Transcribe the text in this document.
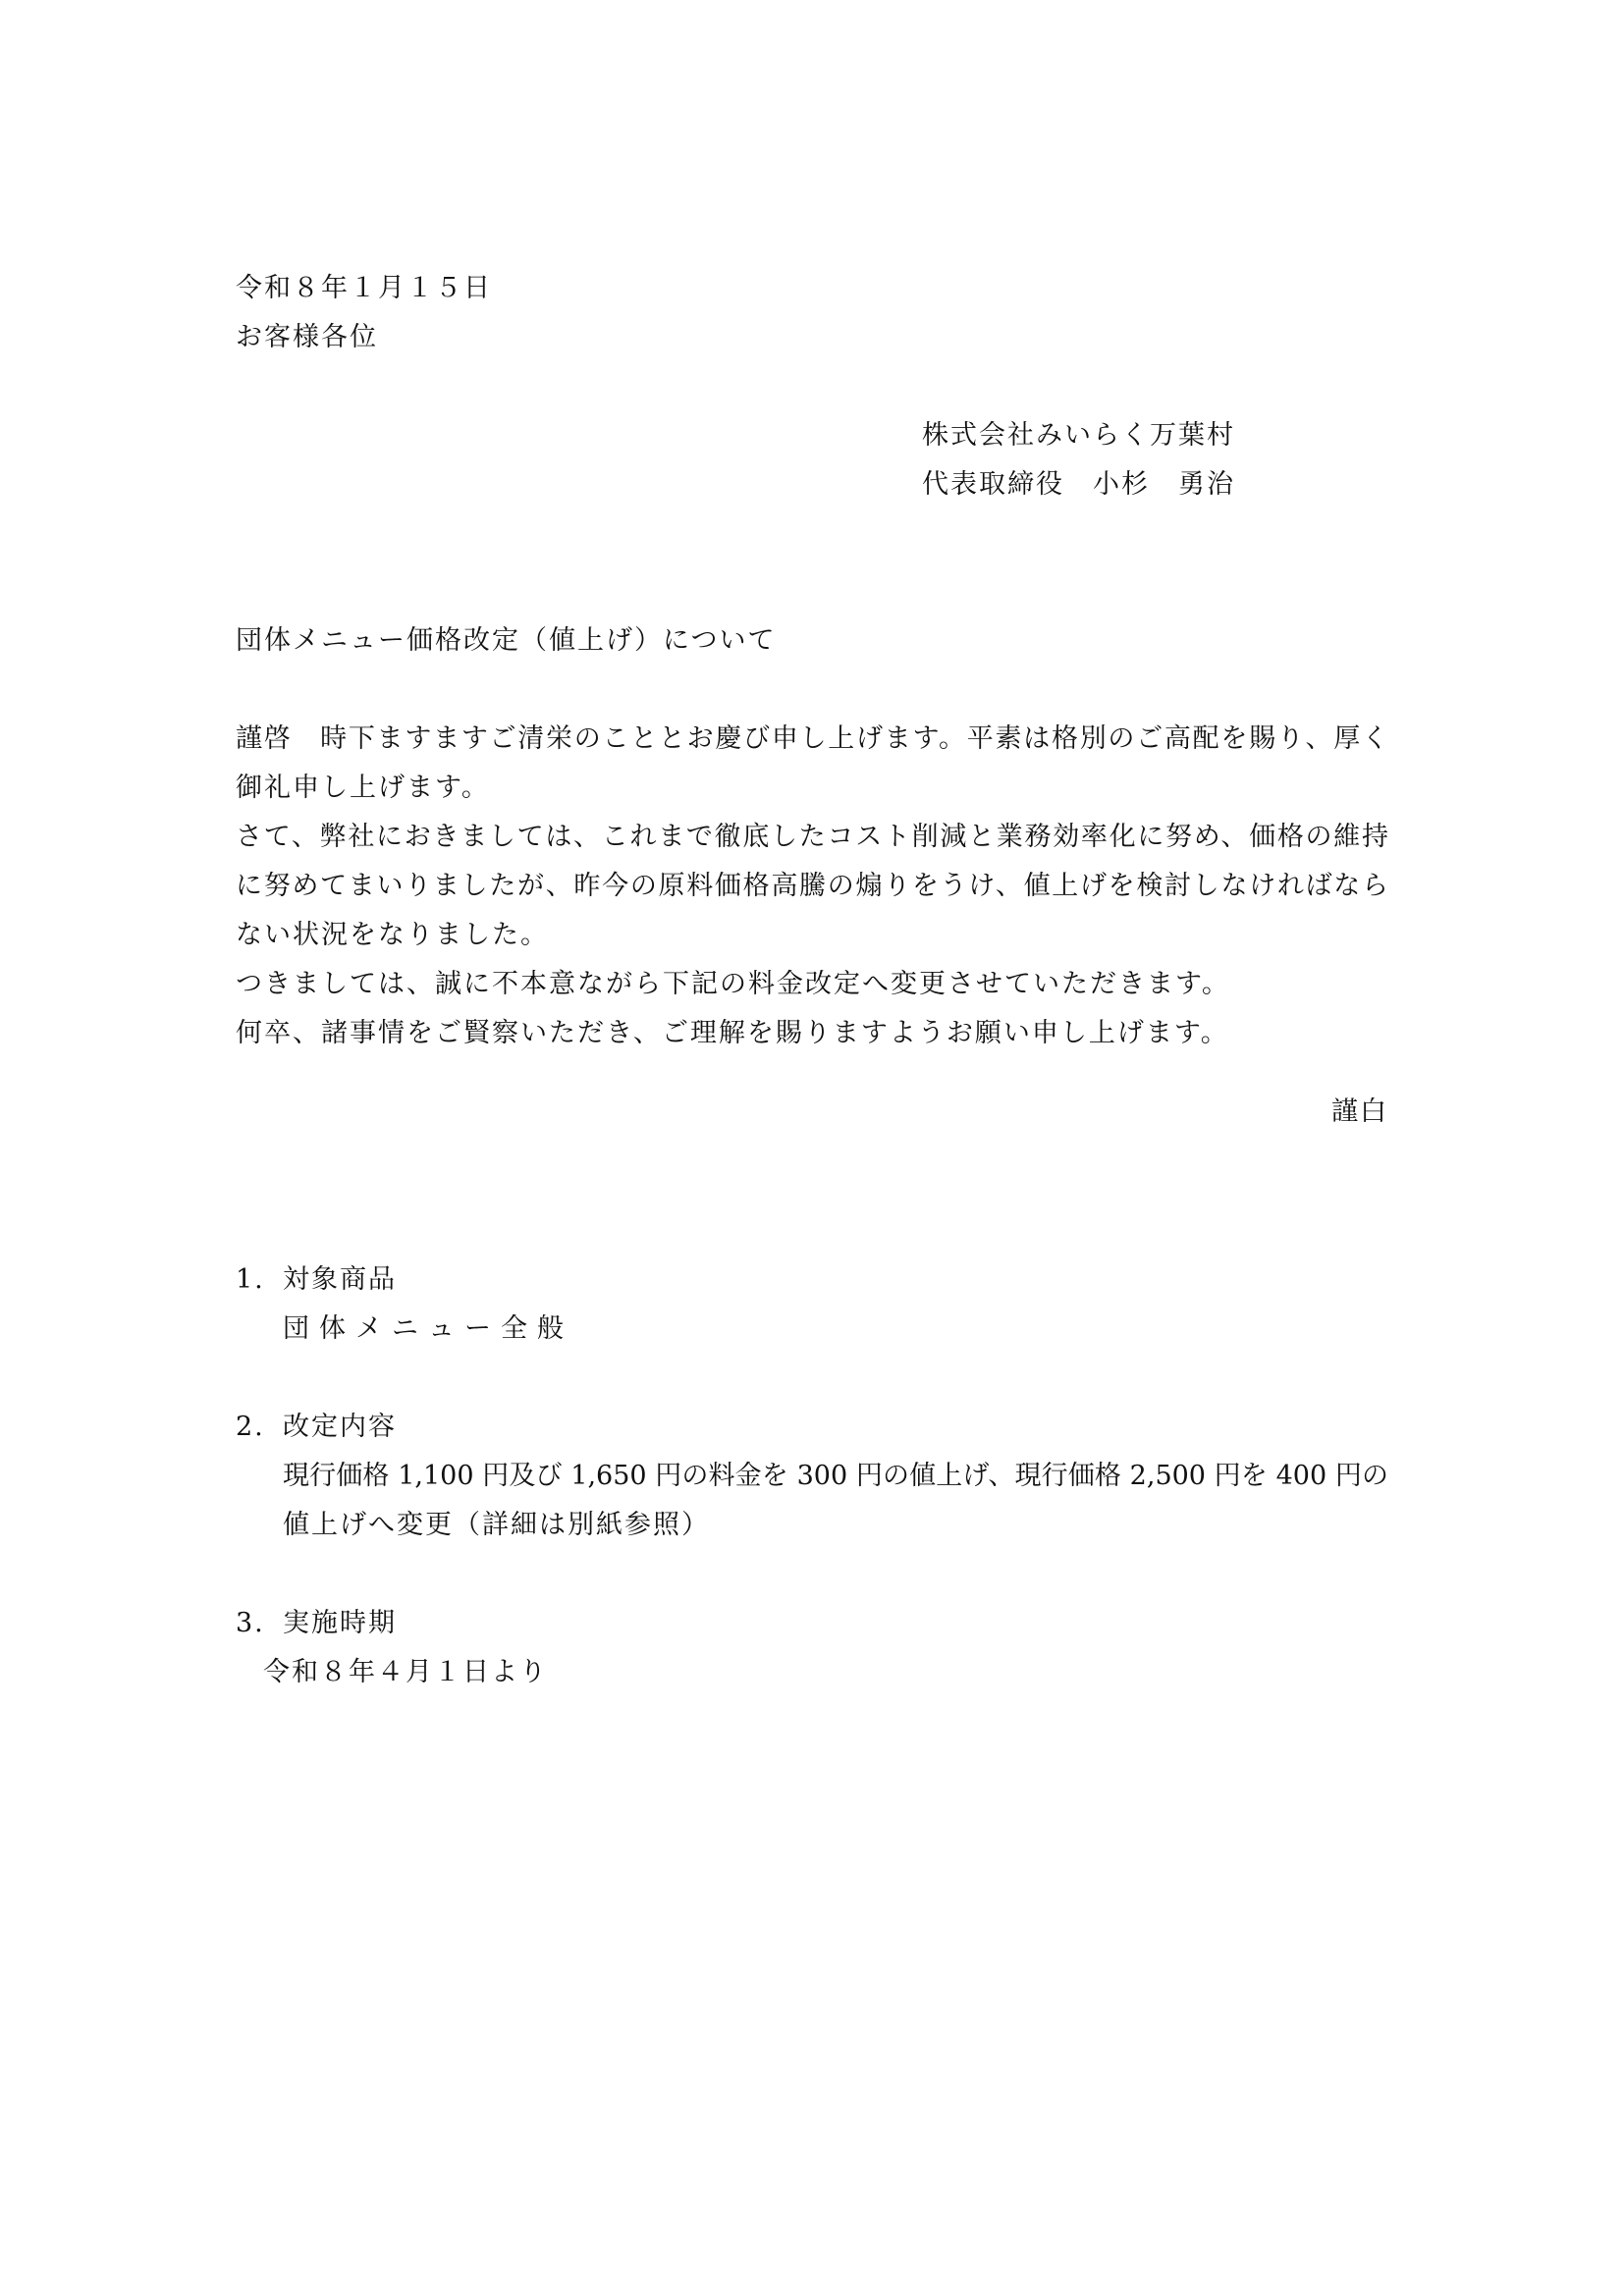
令和８年１月１５日
お客様各位
株式会社みいらく万葉村
代表取締役　小杉　勇治
団体メニュー価格改定（値上げ）について
謹啓　時下ますますご清栄のこととお慶び申し上げます。平素は格別のご高配を賜り、厚く
御礼申し上げます。
さて、弊社におきましては、これまで徹底したコスト削減と業務効率化に努め、価格の維持
に努めてまいりましたが、昨今の原料価格高騰の煽りをうけ、値上げを検討しなければなら
ない状況をなりました。
つきましては、誠に不本意ながら下記の料金改定へ変更させていただきます。
何卒、諸事情をご賢察いただき、ご理解を賜りますようお願い申し上げます。
謹白
1. 対象商品
団体メニュー全般
2. 改定内容
現行価格 1,100 円及び 1,650 円の料金を 300 円の値上げ、現行価格 2,500 円を 400 円の
値上げへ変更（詳細は別紙参照）
3. 実施時期
令和８年４月１日より
